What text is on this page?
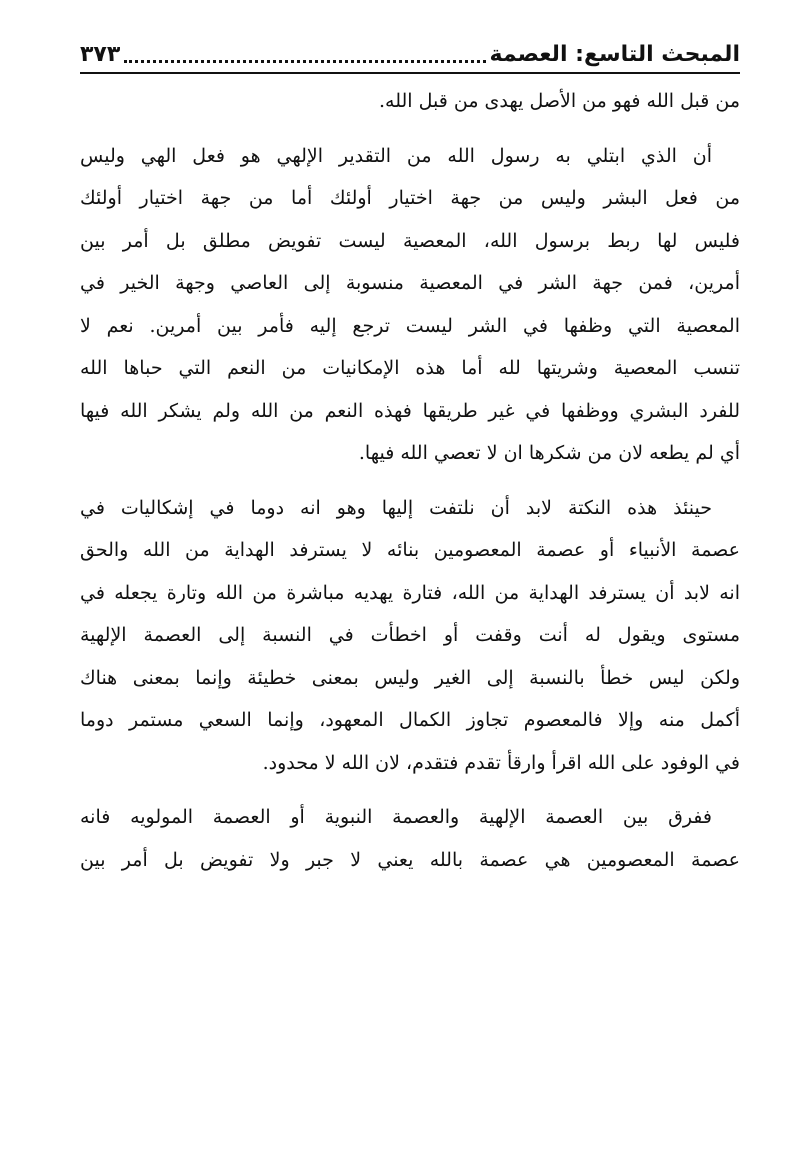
المبحث التاسع: العصمة
٣٧٣
من قبل الله فهو من الأصل يهدى من قبل الله.
أن الذي ابتلي به رسول الله من التقدير الإلهي هو فعل الهي وليس
من فعل البشر وليس من جهة اختيار أولئك أما من جهة اختيار أولئك
فليس لها ربط برسول الله، المعصية ليست تفويض مطلق بل أمر بين
أمرين، فمن جهة الشر في المعصية منسوبة إلى العاصي وجهة الخير في
المعصية التي وظفها في الشر ليست ترجع إليه فأمر بين أمرين. نعم لا
تنسب المعصية وشريتها لله أما هذه الإمكانيات من النعم التي حباها الله
للفرد البشري ووظفها في غير طريقها فهذه النعم من الله ولم يشكر الله فيها
أي لم يطعه لان من شكرها ان لا تعصي الله فيها.
حينئذ هذه النكتة لابد أن نلتفت إليها وهو انه دوما في إشكاليات في
عصمة الأنبياء أو عصمة المعصومين بنائه لا يسترفد الهداية من الله والحق
انه لابد أن يسترفد الهداية من الله، فتارة يهديه مباشرة من الله وتارة يجعله في
مستوى ويقول له أنت وقفت أو اخطأت في النسبة إلى العصمة الإلهية
ولكن ليس خطأ بالنسبة إلى الغير وليس بمعنى خطيئة وإنما بمعنى هناك
أكمل منه وإلا فالمعصوم تجاوز الكمال المعهود، وإنما السعي مستمر دوما
في الوفود على الله اقرأ وارقأ تقدم فتقدم، لان الله لا محدود.
ففرق بين العصمة الإلهية والعصمة النبوية أو العصمة المولويه فانه
عصمة المعصومين هي عصمة بالله يعني لا جبر ولا تفويض بل أمر بين
